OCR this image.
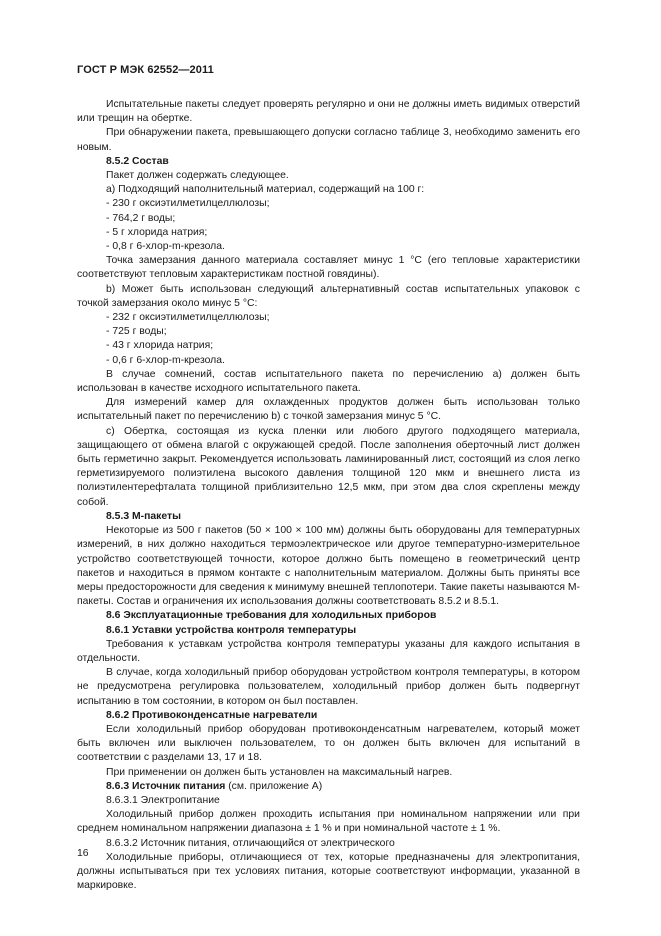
ГОСТ Р МЭК 62552—2011

Испытательные пакеты следует проверять регулярно и они не должны иметь видимых отверстий или трещин на обертке.

При обнаружении пакета, превышающего допуски согласно таблице 3, необходимо заменить его новым.

8.5.2 Состав

Пакет должен содержать следующее.

a) Подходящий наполнительный материал, содержащий на 100 г:

- 230 г оксиэтилметилцеллюлозы;

- 764,2 г воды;

- 5 г хлорида натрия;

- 0,8 г 6-хлор-m-крезола.

Точка замерзания данного материала составляет минус 1 °С (его тепловые характеристики соответствуют тепловым характеристикам постной говядины).

b) Может быть использован следующий альтернативный состав испытательных упаковок с точкой замерзания около минус 5 °С:

- 232 г оксиэтилметилцеллюлозы;

- 725 г воды;

- 43 г хлорида натрия;

- 0,6 г 6-хлор-m-крезола.

В случае сомнений, состав испытательного пакета по перечислению а) должен быть использован в качестве исходного испытательного пакета.

Для измерений камер для охлажденных продуктов должен быть использован только испытательный пакет по перечислению b) с точкой замерзания минус 5 °С.

с) Обертка, состоящая из куска пленки или любого другого подходящего материала, защищающего от обмена влагой с окружающей средой. После заполнения оберточный лист должен быть герметично закрыт. Рекомендуется использовать ламинированный лист, состоящий из слоя легко герметизируемого полиэтилена высокого давления толщиной 120 мкм и внешнего листа из полиэтилентерефталата толщиной приблизительно 12,5 мкм, при этом два слоя скреплены между собой.

8.5.3 М-пакеты

Некоторые из 500 г пакетов (50 × 100 × 100 мм) должны быть оборудованы для температурных измерений, в них должно находиться термоэлектрическое или другое температурно-измерительное устройство соответствующей точности, которое должно быть помещено в геометрический центр пакетов и находиться в прямом контакте с наполнительным материалом. Должны быть приняты все меры предосторожности для сведения к минимуму внешней теплопотери. Такие пакеты называются М-пакеты. Состав и ограничения их использования должны соответствовать 8.5.2 и 8.5.1.

8.6 Эксплуатационные требования для холодильных приборов

8.6.1 Уставки устройства контроля температуры

Требования к уставкам устройства контроля температуры указаны для каждого испытания в отдельности.

В случае, когда холодильный прибор оборудован устройством контроля температуры, в котором не предусмотрена регулировка пользователем, холодильный прибор должен быть подвергнут испытанию в том состоянии, в котором он был поставлен.

8.6.2 Противоконденсатные нагреватели

Если холодильный прибор оборудован противоконденсатным нагревателем, который может быть включен или выключен пользователем, то он должен быть включен для испытаний в соответствии с разделами 13, 17 и 18.

При применении он должен быть установлен на максимальный нагрев.

8.6.3 Источник питания (см. приложение А)

8.6.3.1 Электропитание

Холодильный прибор должен проходить испытания при номинальном напряжении или при среднем номинальном напряжении диапазона ± 1 % и при номинальной частоте ± 1 %.

8.6.3.2 Источник питания, отличающийся от электрического

Холодильные приборы, отличающиеся от тех, которые предназначены для электропитания, должны испытываться при тех условиях питания, которые соответствуют информации, указанной в маркировке.

16
